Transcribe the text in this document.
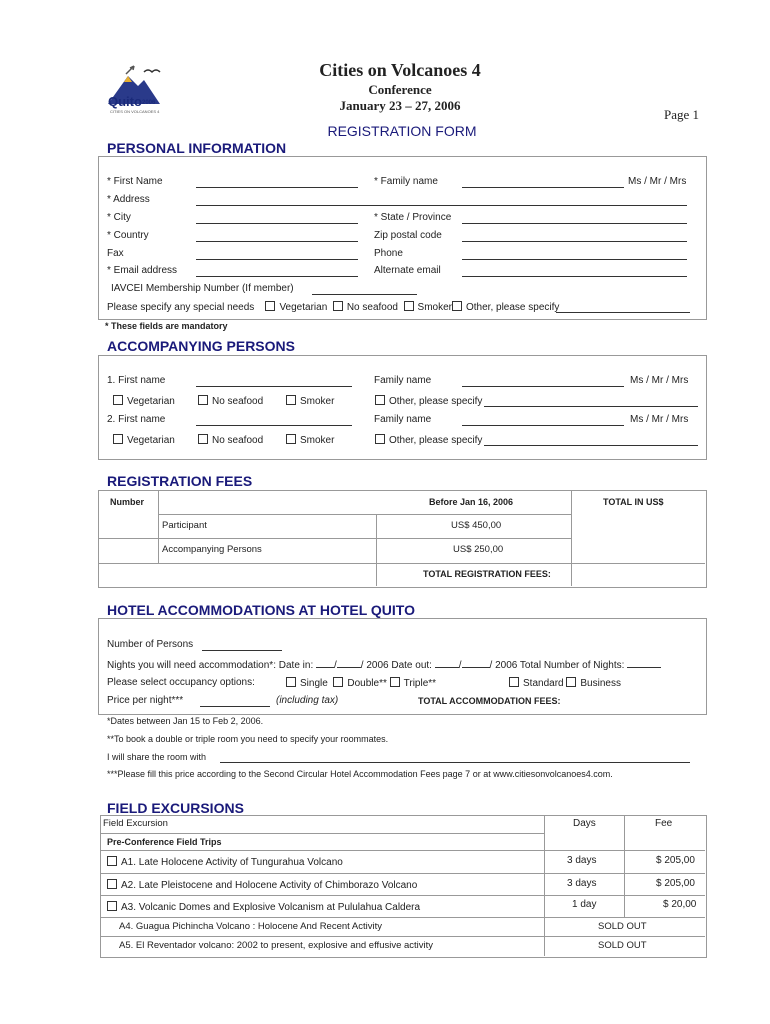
Quito 2006
CITIES ON VOLCANOES 4
Cities on Volcanoes 4
Conference
January 23 – 27, 2006
Page 1
REGISTRATION FORM
PERSONAL INFORMATION
* First Name	* Family name	Ms / Mr / Mrs
* Address
* City	* State / Province
* Country	Zip postal code
Fax	Phone
* Email address	Alternate email
IAVCEI Membership Number (If member)
Please specify any special needs	Vegetarian No seafood Smoker Other, please specify
* These fields are mandatory
ACCOMPANYING PERSONS
1. First name	Family name	Ms / Mr / Mrs
Vegetarian	No seafood	Smoker	Other, please specify
2. First name	Family name	Ms / Mr / Mrs
Vegetarian	No seafood	Smoker	Other, please specify
REGISTRATION FEES
Number	Before Jan 16, 2006	TOTAL IN US$
Participant	US$ 450,00
Accompanying Persons	US$ 250,00
TOTAL REGISTRATION FEES:
HOTEL ACCOMMODATIONS AT HOTEL QUITO
Number of Persons
Nights you will need accommodation*: Date in: / / 2006 Date out:	/	/ 2006 Total Number of Nights:
Please select occupancy options:	Single Double** Triple**	Standard Business
Price per night***	(including tax)	TOTAL ACCOMMODATION FEES:
*Dates between Jan 15 to Feb 2, 2006.
**To book a double or triple room you need to specify your roommates.
I will share the room with
***Please fill this price according to the Second Circular Hotel Accommodation Fees page 7 or at www.citiesonvolcanoes4.com.
FIELD EXCURSIONS
Field Excursion	Days	Fee
Pre-Conference Field Trips
A1. Late Holocene Activity of Tungurahua Volcano	3 days	$ 205,00
A2. Late Pleistocene and Holocene Activity of Chimborazo Volcano	3 days	$ 205,00
A3. Volcanic Domes and Explosive Volcanism at Pululahua Caldera	1 day	$ 20,00
A4. Guagua Pichincha Volcano : Holocene And Recent Activity	SOLD OUT
A5. El Reventador volcano: 2002 to present, explosive and effusive activity	SOLD OUT
